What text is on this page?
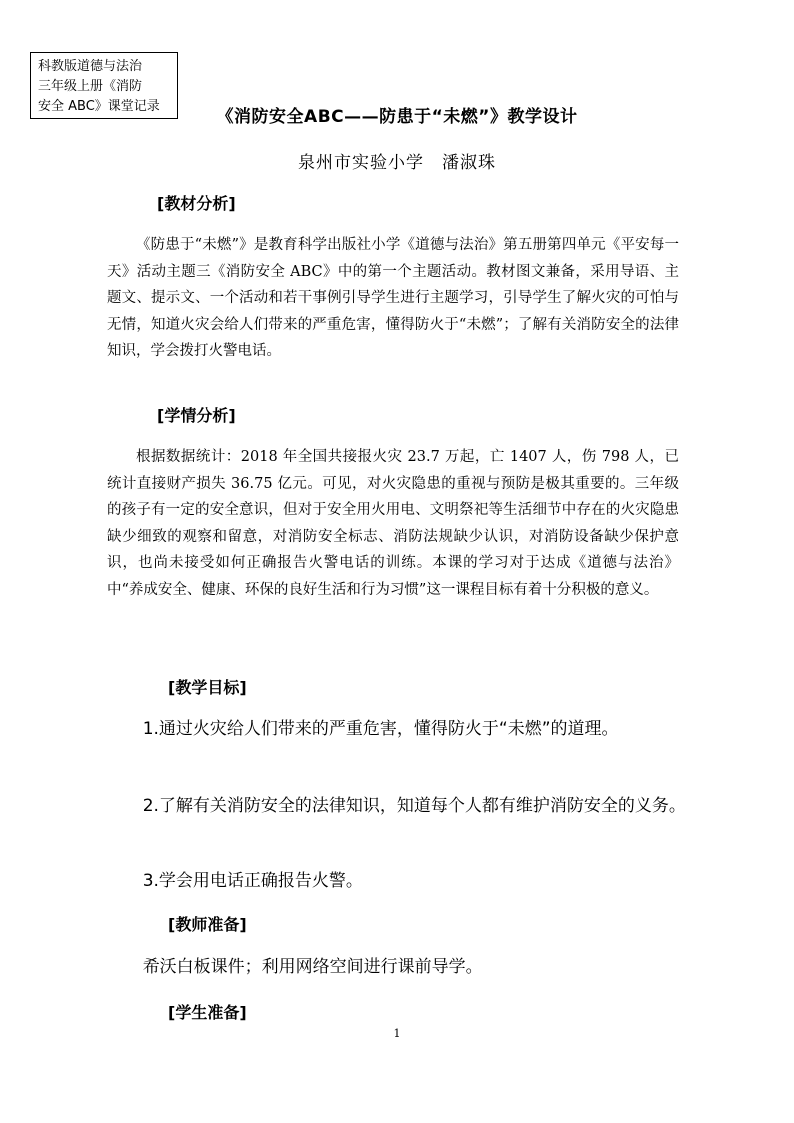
科教版道德与法治
三年级上册《消防
安全 ABC》课堂记录
《消防安全ABC——防患于“未燃”》教学设计
泉州市实验小学　潘淑珠
[教材分析]
《防患于“未燃”》是教育科学出版社小学《道德与法治》第五册第四单元《平安每一天》活动主题三《消防安全 ABC》中的第一个主题活动。教材图文兼备，采用导语、主题文、提示文、一个活动和若干事例引导学生进行主题学习，引导学生了解火灾的可怕与无情，知道火灾会给人们带来的严重危害，懂得防火于“未燃”；了解有关消防安全的法律知识，学会拨打火警电话。
[学情分析]
根据数据统计：2018 年全国共接报火灾 23.7 万起，亡 1407 人，伤 798 人，已统计直接财产损失 36.75 亿元。可见，对火灾隐患的重视与预防是极其重要的。三年级的孩子有一定的安全意识，但对于安全用火用电、文明祭祀等生活细节中存在的火灾隐患缺少细致的观察和留意，对消防安全标志、消防法规缺少认识，对消防设备缺少保护意识，也尚未接受如何正确报告火警电话的训练。本课的学习对于达成《道德与法治》中“养成安全、健康、环保的良好生活和行为习惯”这一课程目标有着十分积极的意义。
[教学目标]
1.通过火灾给人们带来的严重危害，懂得防火于“未燃”的道理。
2.了解有关消防安全的法律知识，知道每个人都有维护消防安全的义务。
3.学会用电话正确报告火警。
[教师准备]
希沃白板课件；利用网络空间进行课前导学。
[学生准备]
1
